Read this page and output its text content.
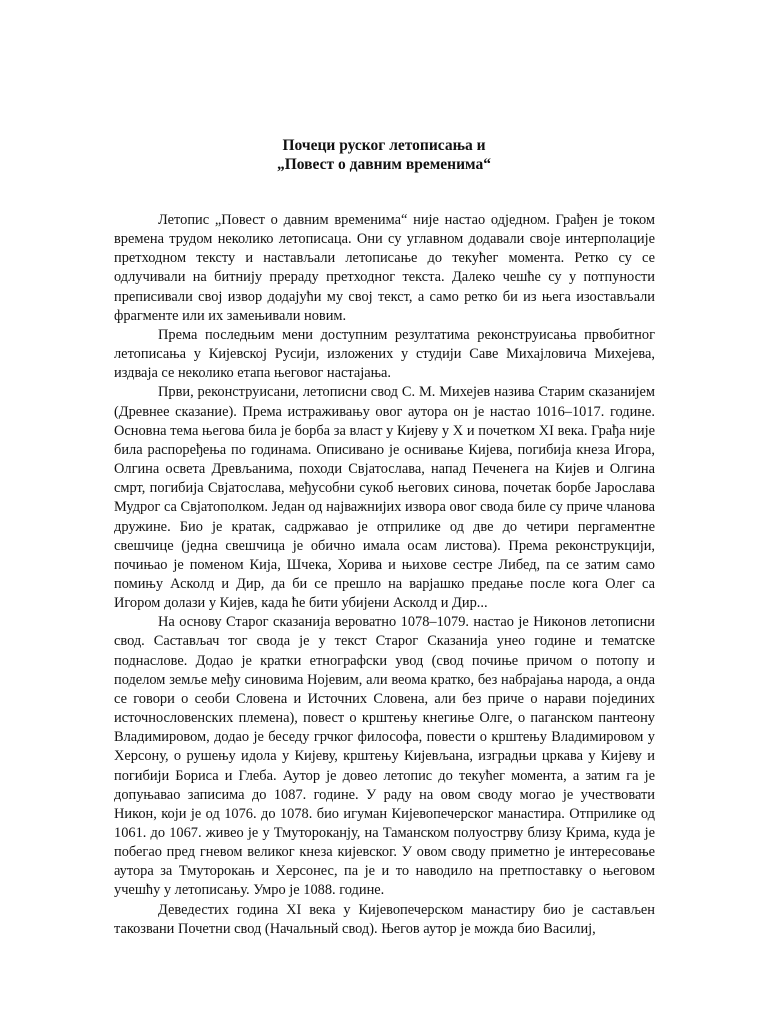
Почеци руског летописања и
„Повест о давним временима“

Летопис „Повест о давним временима“ није настао одједном. Грађен је током времена трудом неколико летописаца. Они су углавном додавали своје интерполације претходном тексту и настављали летописање до текућег момента. Ретко су се одлучивали на битнију прераду претходног текста. Далеко чешће су у потпуности преписивали свој извор додајући му свој текст, а само ретко би из њега изостављали фрагменте или их замењивали новим.

Према последњим мени доступним резултатима реконструисања првобитног летописања у Кијевској Русији, изложених у студији Саве Михајловича Михејева, издваја се неколико етапа његовог настајања.

Први, реконструисани, летописни свод С. М. Михејев назива Старим сказанијем (Древнее сказание). Према истраживању овог аутора он је настао 1016–1017. године. Основна тема његова била је борба за власт у Кијеву у X и почетком XI века. Грађа није била распоређења по годинама. Описивано је оснивање Кијева, погибија кнеза Игора, Олгина освета Древљанима, походи Свјатослава, напад Печенега на Кијев и Олгина смрт, погибија Свјатослава, међусобни сукоб његових синова, почетак борбе Јарослава Мудрог са Свјатополком. Један од најважнијих извора овог свода биле су приче чланова дружине. Био је кратак, садржавао је отприлике од две до четири пергаментне свешчице (једна свешчица је обично имала осам листова). Према реконструкцији, почињао је поменом Кија, Шчека, Хорива и њихове сестре Либед, па се затим само помињу Асколд и Дир, да би се прешло на варјашко предање после кога Олег са Игором долази у Кијев, када ће бити убијени Асколд и Дир...

На основу Старог сказанија вероватно 1078–1079. настао је Никонов летописни свод. Састављач тог свода је у текст Старог Сказанија унео године и тематске поднаслове. Додао је кратки етнографски увод (свод почиње причом о потопу и поделом земље међу синовима Нојевим, али веома кратко, без набрајања народа, а онда се говори о сеоби Словена и Источних Словена, али без приче о нарави појединих источнословенских племена), повест о крштењу кнегиње Олге, о паганском пантеону Владимировом, додао је беседу грчког философа, повести о крштењу Владимировом у Херсону, о рушењу идола у Кијеву, крштењу Кијевљана, изградњи цркава у Кијеву и погибији Бориса и Глеба. Аутор је довео летопис до текућег момента, а затим га је допуњавао записима до 1087. године. У раду на овом своду могао је учествовати Никон, који је од 1076. до 1078. био игуман Кијевопечерског манастира. Отприлике од 1061. до 1067. живео је у Тмутороканју, на Таманском полуострву близу Крима, куда је побегао пред гневом великог кнеза кијевског. У овом своду приметно је интересовање аутора за Тмуторокањ и Херсонес, па је и то наводило на претпоставку о његовом учешћу у летописању. Умро је 1088. године.

Деведестих година XI века у Кијевопечерском манастиру био је састављен такозвани Почетни свод (Начальный свод). Његов аутор је можда био Василиј,
